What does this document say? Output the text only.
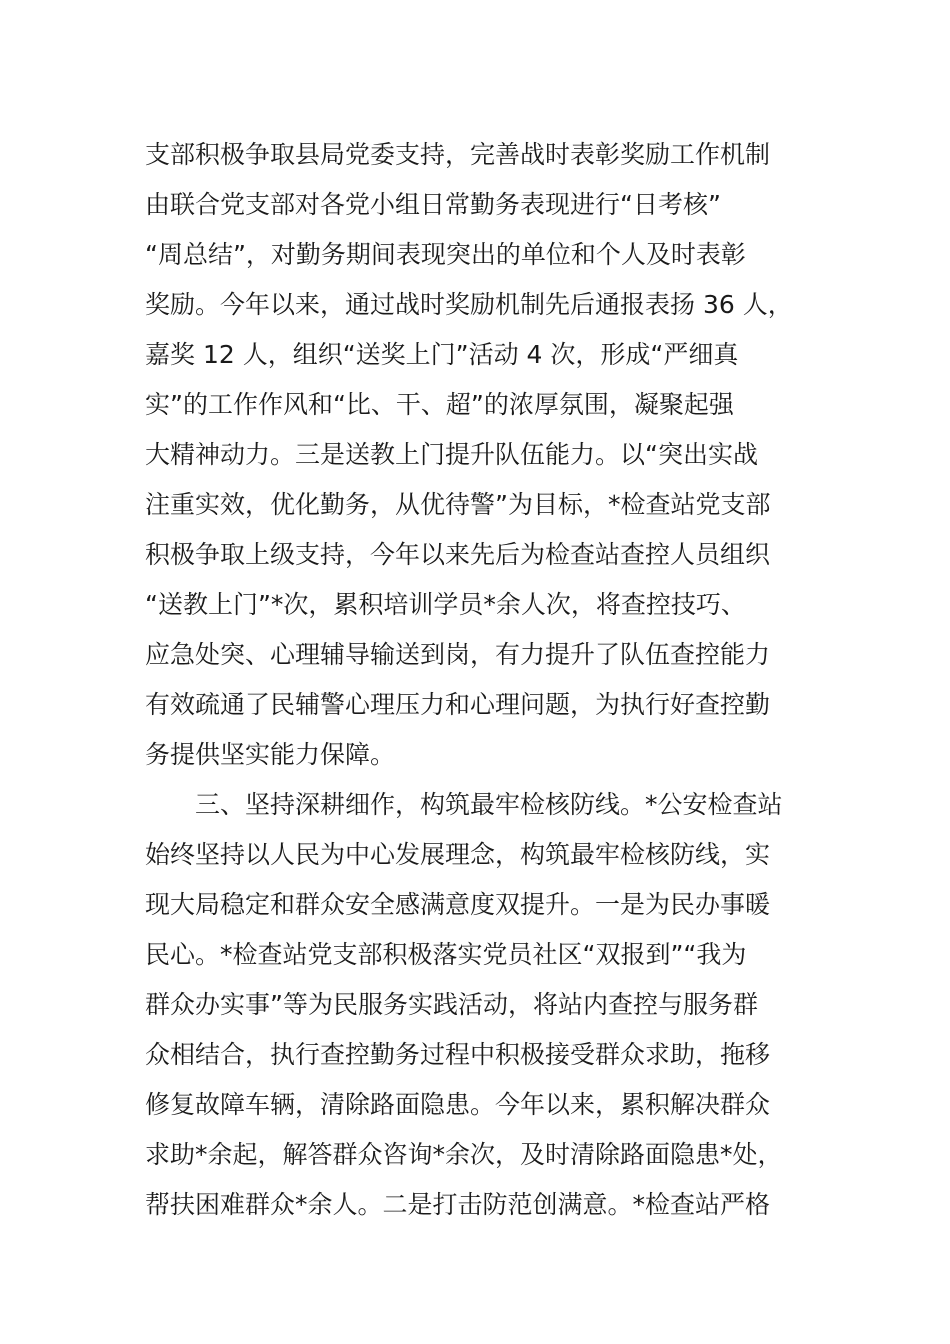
支部积极争取县局党委支持，完善战时表彰奖励工作机制
由联合党支部对各党小组日常勤务表现进行“日考核”
“周总结”，对勤务期间表现突出的单位和个人及时表彰
奖励。今年以来，通过战时奖励机制先后通报表扬 36 人，
嘉奖 12 人，组织“送奖上门”活动 4 次，形成“严细真
实”的工作作风和“比、干、超”的浓厚氛围，凝聚起强
大精神动力。三是送教上门提升队伍能力。以“突出实战
注重实效，优化勤务，从优待警”为目标，*检查站党支部
积极争取上级支持，今年以来先后为检查站查控人员组织
“送教上门”*次，累积培训学员*余人次，将查控技巧、
应急处突、心理辅导输送到岗，有力提升了队伍查控能力
有效疏通了民辅警心理压力和心理问题，为执行好查控勤
务提供坚实能力保障。
三、坚持深耕细作，构筑最牢检核防线。*公安检查站
始终坚持以人民为中心发展理念，构筑最牢检核防线，实
现大局稳定和群众安全感满意度双提升。一是为民办事暖
民心。*检查站党支部积极落实党员社区“双报到”“我为
群众办实事”等为民服务实践活动，将站内查控与服务群
众相结合，执行查控勤务过程中积极接受群众求助，拖移
修复故障车辆，清除路面隐患。今年以来，累积解决群众
求助*余起，解答群众咨询*余次，及时清除路面隐患*处，
帮扶困难群众*余人。二是打击防范创满意。*检查站严格
